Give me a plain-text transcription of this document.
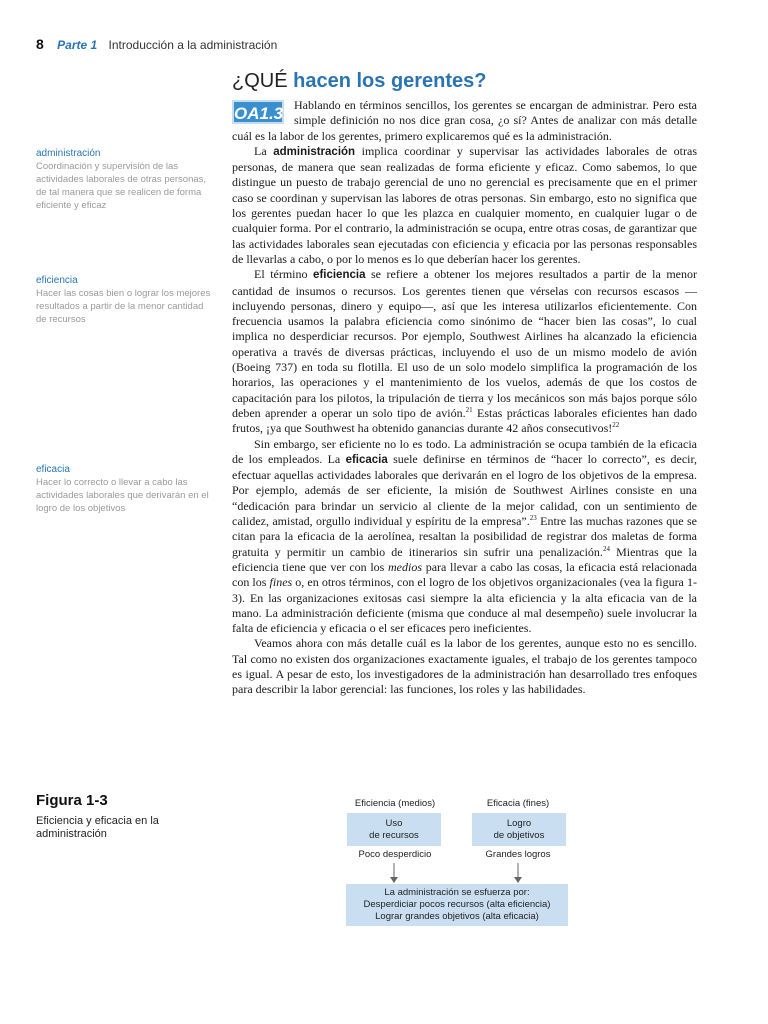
8 Parte 1 Introducción a la administración
¿QUÉ hacen los gerentes?
OA1.3
administración
Coordinación y supervisión de las actividades laborales de otras personas, de tal manera que se realicen de forma eficiente y eficaz
eficiencia
Hacer las cosas bien o lograr los mejores resultados a partir de la menor cantidad de recursos
eficacia
Hacer lo correcto o llevar a cabo las actividades laborales que derivarán en el logro de los objetivos

Hablando en términos sencillos, los gerentes se encargan de administrar. Pero esta simple definición no nos dice gran cosa, ¿o sí? Antes de analizar con más detalle cuál es la labor de los gerentes, primero explicaremos qué es la administración.

La administración implica coordinar y supervisar las actividades laborales de otras personas, de manera que sean realizadas de forma eficiente y eficaz. Como sabemos, lo que distingue un puesto de trabajo gerencial de uno no gerencial es precisamente que en el primer caso se coordinan y supervisan las labores de otras personas. Sin embargo, esto no significa que los gerentes puedan hacer lo que les plazca en cualquier momento, en cualquier lugar o de cualquier forma. Por el contrario, la administración se ocupa, entre otras cosas, de garantizar que las actividades laborales sean ejecutadas con eficiencia y eficacia por las personas responsables de llevarlas a cabo, o por lo menos es lo que deberían hacer los gerentes.

El término eficiencia se refiere a obtener los mejores resultados a partir de la menor cantidad de insumos o recursos. Los gerentes tienen que vérselas con recursos escasos —incluyendo personas, dinero y equipo—, así que les interesa utilizarlos eficientemente. Con frecuencia usamos la palabra eficiencia como sinónimo de “hacer bien las cosas”, lo cual implica no desperdiciar recursos. Por ejemplo, Southwest Airlines ha alcanzado la eficiencia operativa a través de diversas prácticas, incluyendo el uso de un mismo modelo de avión (Boeing 737) en toda su flotilla. El uso de un solo modelo simplifica la programación de los horarios, las operaciones y el mantenimiento de los vuelos, además de que los costos de capacitación para los pilotos, la tripulación de tierra y los mecánicos son más bajos porque sólo deben aprender a operar un solo tipo de avión.$^{21}$ Estas prácticas laborales eficientes han dado frutos, ¡ya que Southwest ha obtenido ganancias durante 42 años consecutivos!$^{22}$

Sin embargo, ser eficiente no lo es todo. La administración se ocupa también de la eficacia de los empleados. La eficacia suele definirse en términos de “hacer lo correcto”, es decir, efectuar aquellas actividades laborales que derivarán en el logro de los objetivos de la empresa. Por ejemplo, además de ser eficiente, la misión de Southwest Airlines consiste en una “dedicación para brindar un servicio al cliente de la mejor calidad, con un sentimiento de calidez, amistad, orgullo individual y espíritu de la empresa”.$^{23}$ Entre las muchas razones que se citan para la eficacia de la aerolínea, resaltan la posibilidad de registrar dos maletas de forma gratuita y permitir un cambio de itinerarios sin sufrir una penalización.$^{24}$ Mientras que la eficiencia tiene que ver con los medios para llevar a cabo las cosas, la eficacia está relacionada con los fines o, en otros términos, con el logro de los objetivos organizacionales (vea la figura 1-3). En las organizaciones exitosas casi siempre la alta eficiencia y la alta eficacia van de la mano. La administración deficiente (misma que conduce al mal desempeño) suele involucrar la falta de eficiencia y eficacia o el ser eficaces pero ineficientes.

Veamos ahora con más detalle cuál es la labor de los gerentes, aunque esto no es sencillo. Tal como no existen dos organizaciones exactamente iguales, el trabajo de los gerentes tampoco es igual. A pesar de esto, los investigadores de la administración han desarrollado tres enfoques para describir la labor gerencial: las funciones, los roles y las habilidades.

Figura 1-3
Eficiencia y eficacia en la administración
Eficiencia (medios)	Eficacia (fines)
Uso
de recursos
Logro
de objetivos
Poco desperdicio	Grandes logros
La administración se esfuerza por:
Desperdiciar pocos recursos (alta eficiencia)
Lograr grandes objetivos (alta eficacia)
